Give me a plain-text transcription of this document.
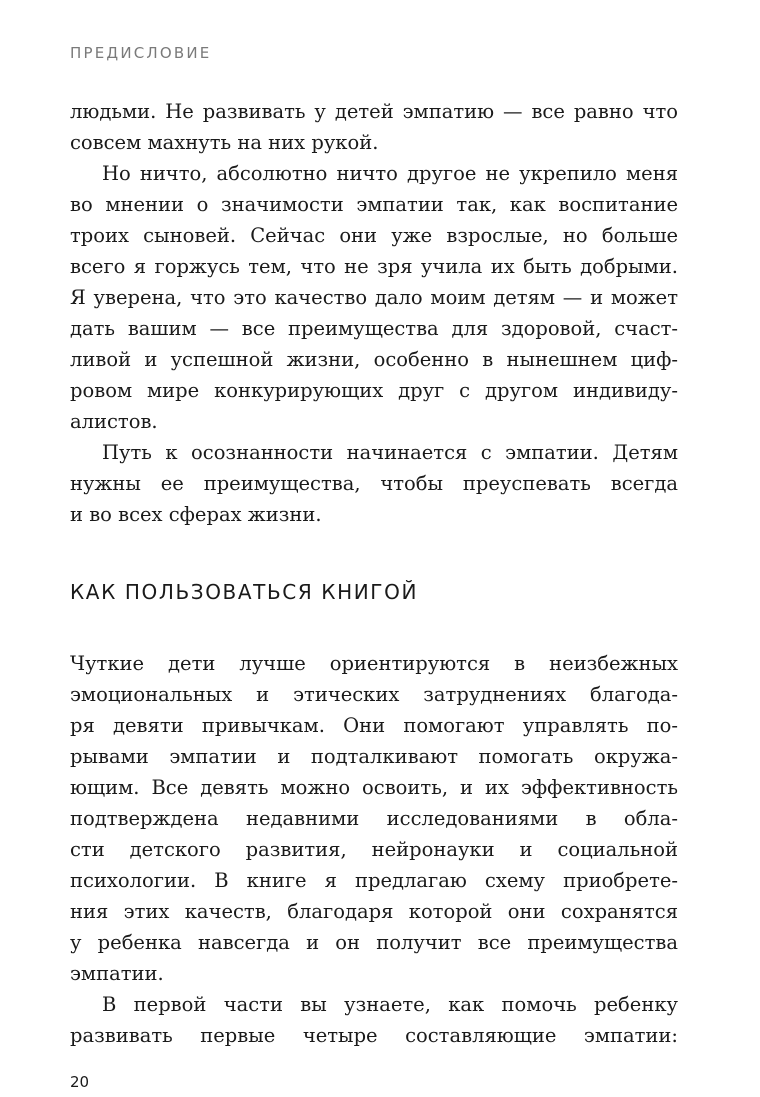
ПРЕДИСЛОВИЕ
людьми. Не развивать у детей эмпатию — все равно что
совсем махнуть на них рукой.
Но ничто, абсолютно ничто другое не укрепило меня
во мнении о значимости эмпатии так, как воспитание
троих сыновей. Сейчас они уже взрослые, но больше
всего я горжусь тем, что не зря учила их быть добрыми.
Я уверена, что это качество дало моим детям — и может
дать вашим — все преимущества для здоровой, счаст-
ливой и успешной жизни, особенно в нынешнем циф-
ровом мире конкурирующих друг с другом индивиду-
алистов.
Путь к осознанности начинается с эмпатии. Детям
нужны ее преимущества, чтобы преуспевать всегда
и во всех сферах жизни.
КАК ПОЛЬЗОВАТЬСЯ КНИГОЙ
Чуткие дети лучше ориентируются в неизбежных
эмоциональных и этических затруднениях благода-
ря девяти привычкам. Они помогают управлять по-
рывами эмпатии и подталкивают помогать окружа-
ющим. Все девять можно освоить, и их эффективность
подтверждена недавними исследованиями в обла-
сти детского развития, нейронауки и социальной
психологии. В книге я предлагаю схему приобрете-
ния этих качеств, благодаря которой они сохранятся
у ребенка навсегда и он получит все преимущества
эмпатии.
В первой части вы узнаете, как помочь ребенку
развивать первые четыре составляющие эмпатии:
20
